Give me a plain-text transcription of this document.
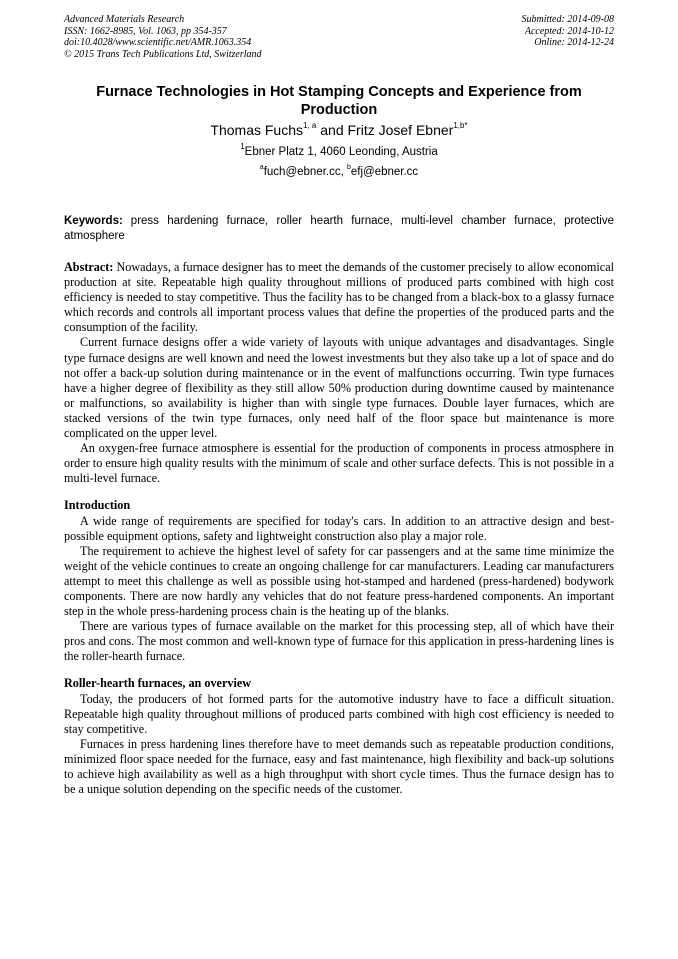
Advanced Materials Research
ISSN: 1662-8985, Vol. 1063, pp 354-357
doi:10.4028/www.scientific.net/AMR.1063.354
© 2015 Trans Tech Publications Ltd, Switzerland
Submitted: 2014-09-08
Accepted: 2014-10-12
Online: 2014-12-24
Furnace Technologies in Hot Stamping Concepts and Experience from Production
Thomas Fuchs$^{1, a}$ and Fritz Josef Ebner$^{1,b*}$
$^1$Ebner Platz 1, 4060 Leonding, Austria
$^a$fuch@ebner.cc, $^b$efj@ebner.cc
Keywords: press hardening furnace, roller hearth furnace, multi-level chamber furnace, protective atmosphere

Abstract: Nowadays, a furnace designer has to meet the demands of the customer precisely to allow economical production at site. Repeatable high quality throughout millions of produced parts combined with high cost efficiency is needed to stay competitive. Thus the facility has to be changed from a black-box to a glassy furnace which records and controls all important process values that define the properties of the produced parts and the consumption of the facility.

Current furnace designs offer a wide variety of layouts with unique advantages and disadvantages. Single type furnace designs are well known and need the lowest investments but they also take up a lot of space and do not offer a back-up solution during maintenance or in the event of malfunctions occurring. Twin type furnaces have a higher degree of flexibility as they still allow 50% production during downtime caused by maintenance or malfunctions, so availability is higher than with single type furnaces. Double layer furnaces, which are stacked versions of the twin type furnaces, only need half of the floor space but maintenance is more complicated on the upper level.

An oxygen-free furnace atmosphere is essential for the production of components in process atmosphere in order to ensure high quality results with the minimum of scale and other surface defects. This is not possible in a multi-level furnace.

Introduction

A wide range of requirements are specified for today's cars. In addition to an attractive design and best-possible equipment options, safety and lightweight construction also play a major role.

The requirement to achieve the highest level of safety for car passengers and at the same time minimize the weight of the vehicle continues to create an ongoing challenge for car manufacturers. Leading car manufacturers attempt to meet this challenge as well as possible using hot-stamped and hardened (press-hardened) bodywork components. There are now hardly any vehicles that do not feature press-hardened components. An important step in the whole press-hardening process chain is the heating up of the blanks.

There are various types of furnace available on the market for this processing step, all of which have their pros and cons. The most common and well-known type of furnace for this application in press-hardening lines is the roller-hearth furnace.

Roller-hearth furnaces, an overview

Today, the producers of hot formed parts for the automotive industry have to face a difficult situation. Repeatable high quality throughout millions of produced parts combined with high cost efficiency is needed to stay competitive.

Furnaces in press hardening lines therefore have to meet demands such as repeatable production conditions, minimized floor space needed for the furnace, easy and fast maintenance, high flexibility and back-up solutions to achieve high availability as well as a high throughput with short cycle times. Thus the furnace design has to be a unique solution depending on the specific needs of the customer.
